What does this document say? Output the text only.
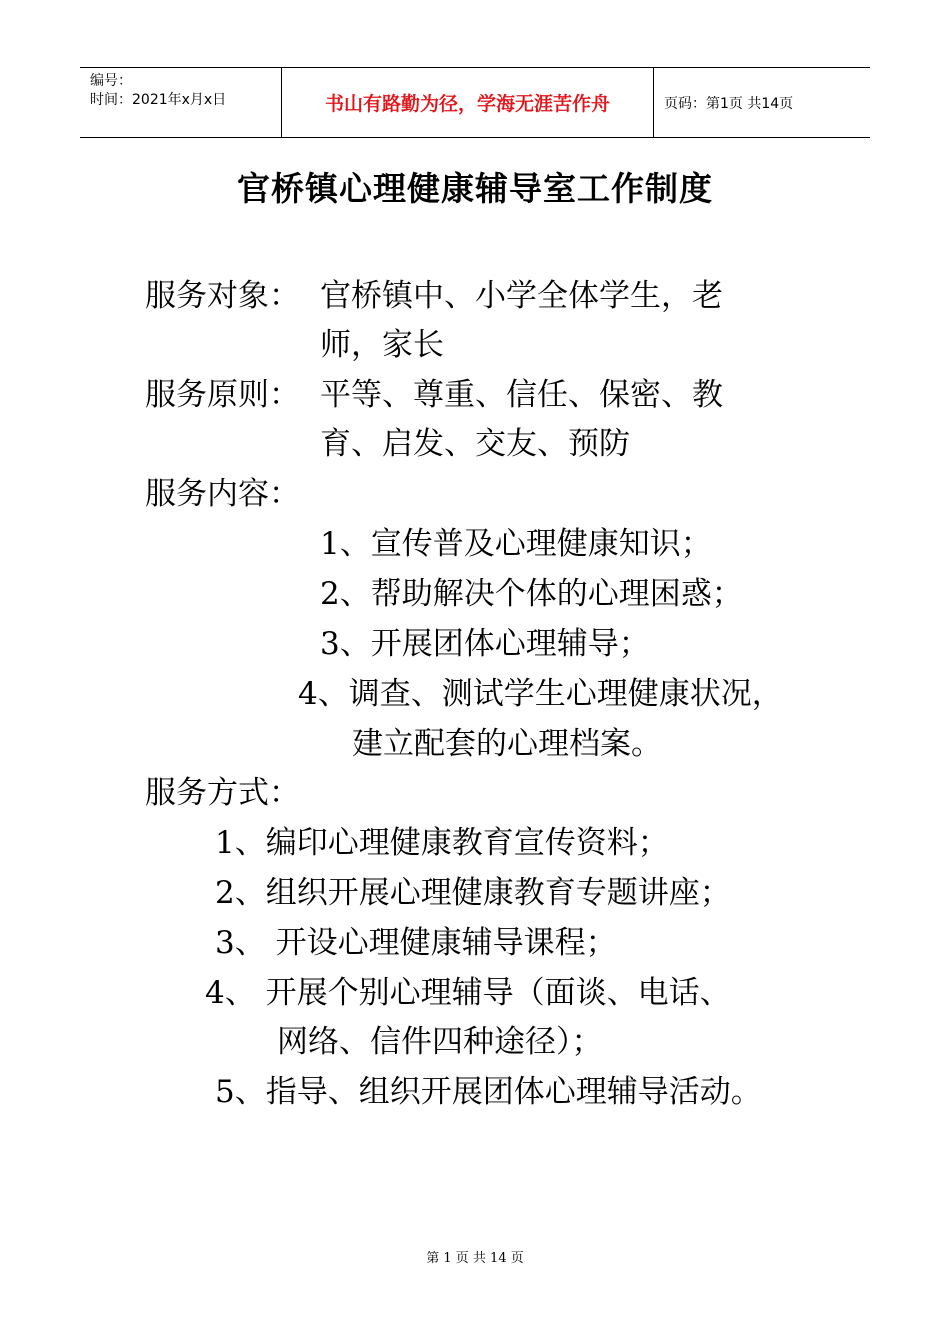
编号：
时间：2021年x月x日	书山有路勤为径，学海无涯苦作舟	页码：第1页 共14页
官桥镇心理健康辅导室工作制度
服务对象： 官桥镇中、小学全体学生，老
师，家长
服务原则： 平等、尊重、信任、保密、教
育、启发、交友、预防
服务内容：
1、宣传普及心理健康知识；
2、帮助解决个体的心理困惑；
3、开展团体心理辅导；
4、调查、测试学生心理健康状况，
建立配套的心理档案。
服务方式：
1、编印心理健康教育宣传资料；
2、组织开展心理健康教育专题讲座；
3、 开设心理健康辅导课程；
4、 开展个别心理辅导（面谈、电话、
网络、信件四种途径）；
5、指导、组织开展团体心理辅导活动。
第 1 页 共 14 页
